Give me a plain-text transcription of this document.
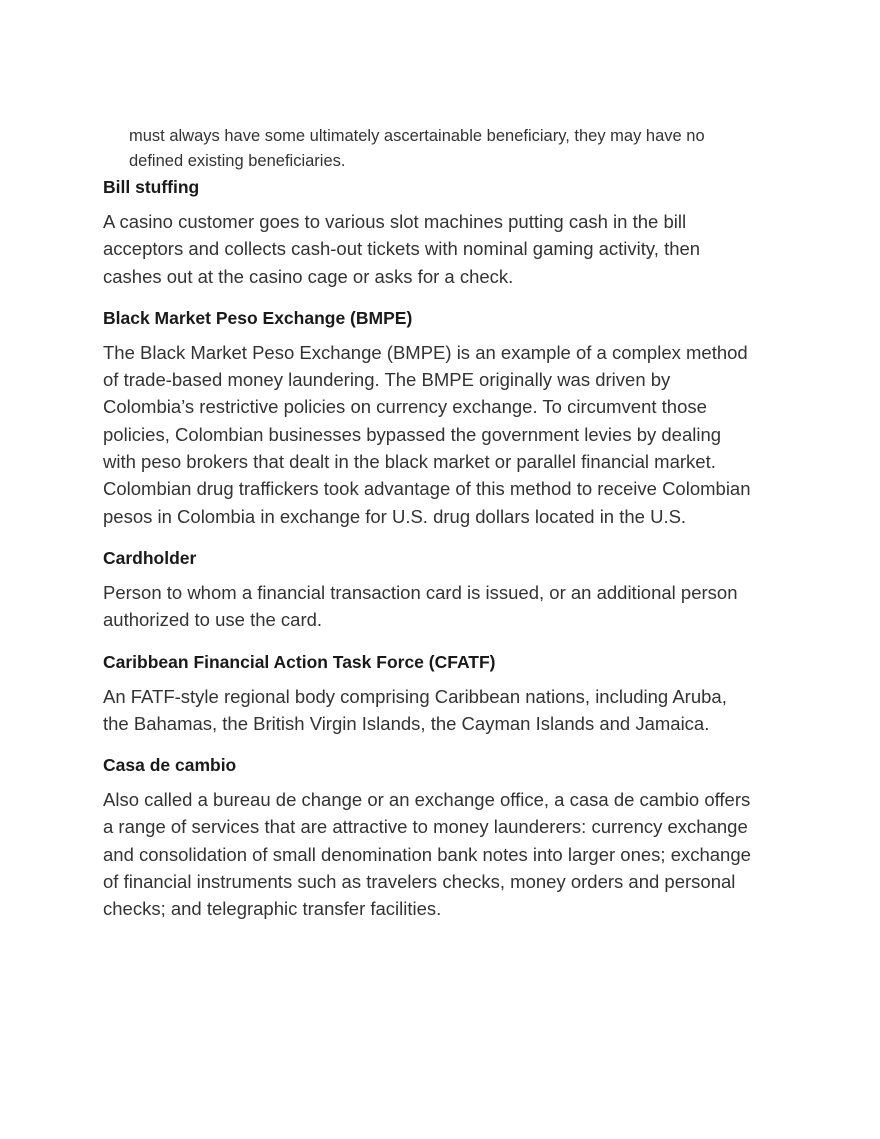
must always have some ultimately ascertainable beneficiary, they may have no defined existing beneficiaries.

Bill stuffing

A casino customer goes to various slot machines putting cash in the bill acceptors and collects cash-out tickets with nominal gaming activity, then cashes out at the casino cage or asks for a check.

Black Market Peso Exchange (BMPE)

The Black Market Peso Exchange (BMPE) is an example of a complex method of trade-based money laundering. The BMPE originally was driven by Colombia’s restrictive policies on currency exchange. To circumvent those policies, Colombian businesses bypassed the government levies by dealing with peso brokers that dealt in the black market or parallel financial market. Colombian drug traffickers took advantage of this method to receive Colombian pesos in Colombia in exchange for U.S. drug dollars located in the U.S.

Cardholder

Person to whom a financial transaction card is issued, or an additional person authorized to use the card.

Caribbean Financial Action Task Force (CFATF)

An FATF-style regional body comprising Caribbean nations, including Aruba, the Bahamas, the British Virgin Islands, the Cayman Islands and Jamaica.

Casa de cambio

Also called a bureau de change or an exchange office, a casa de cambio offers a range of services that are attractive to money launderers: currency exchange and consolidation of small denomination bank notes into larger ones; exchange of financial instruments such as travelers checks, money orders and personal checks; and telegraphic transfer facilities.
